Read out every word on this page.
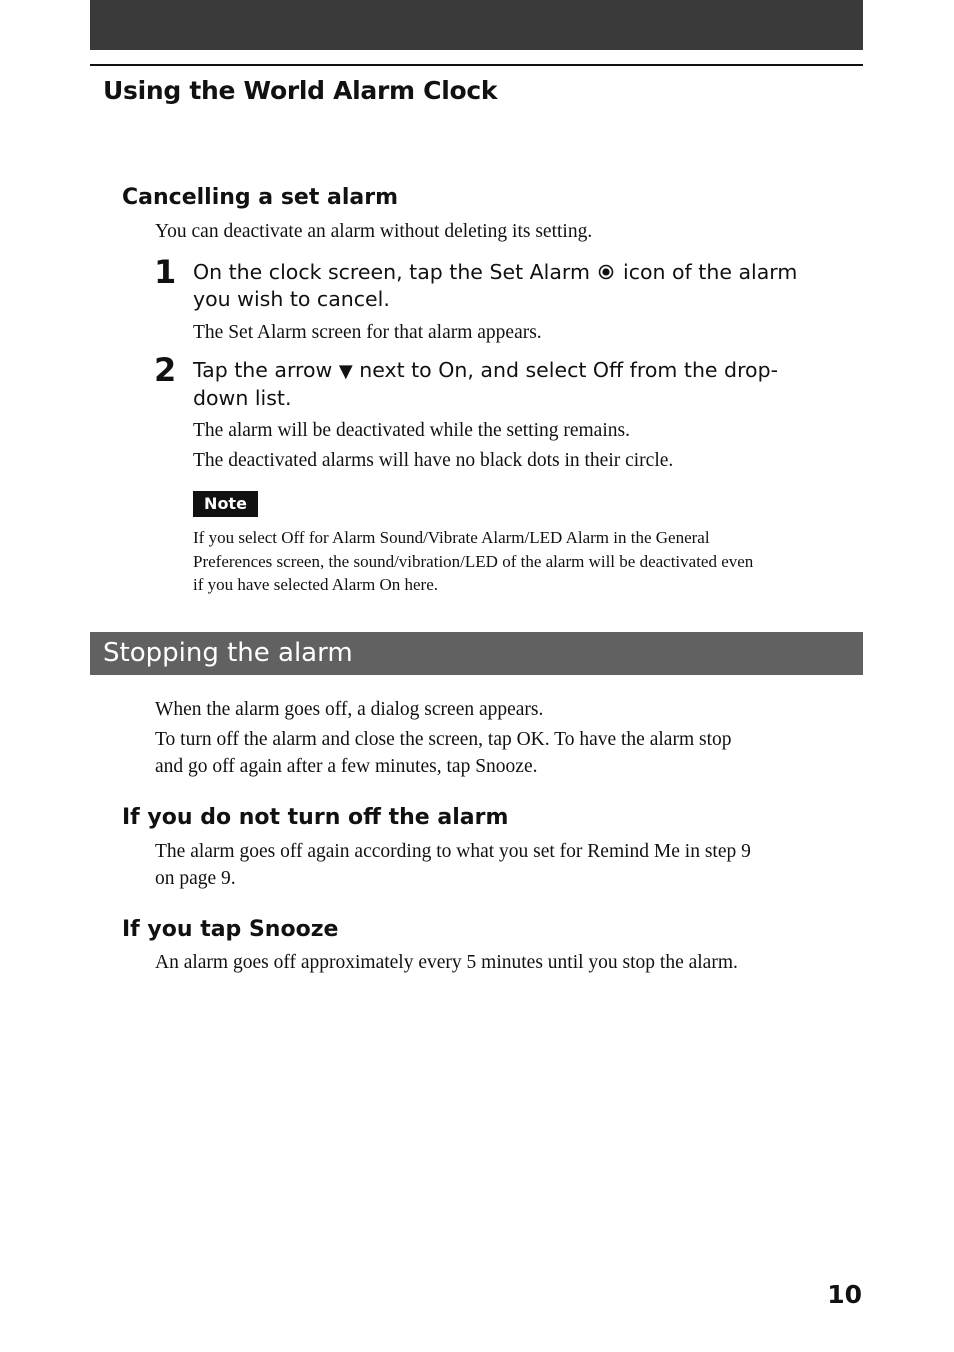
Using the World Alarm Clock
Cancelling a set alarm
You can deactivate an alarm without deleting its setting.
1 On the clock screen, tap the Set Alarm icon of the alarm

you wish to cancel.

The Set Alarm screen for that alarm appears.
2 Tap the arrow ▼ next to On, and select Off from the drop-

down list.

The alarm will be deactivated while the setting remains.
The deactivated alarms will have no black dots in their circle.
Note

If you select Off for Alarm Sound/Vibrate Alarm/LED Alarm in the General

Preferences screen, the sound/vibration/LED of the alarm will be deactivated even

if you have selected Alarm On here.

Stopping the alarm
When the alarm goes off, a dialog screen appears.

To turn off the alarm and close the screen, tap OK. To have the alarm stop

and go off again after a few minutes, tap Snooze.

If you do not turn off the alarm

The alarm goes off again according to what you set for Remind Me in step 9

on page 9.

If you tap Snooze
An alarm goes off approximately every 5 minutes until you stop the alarm.
10
